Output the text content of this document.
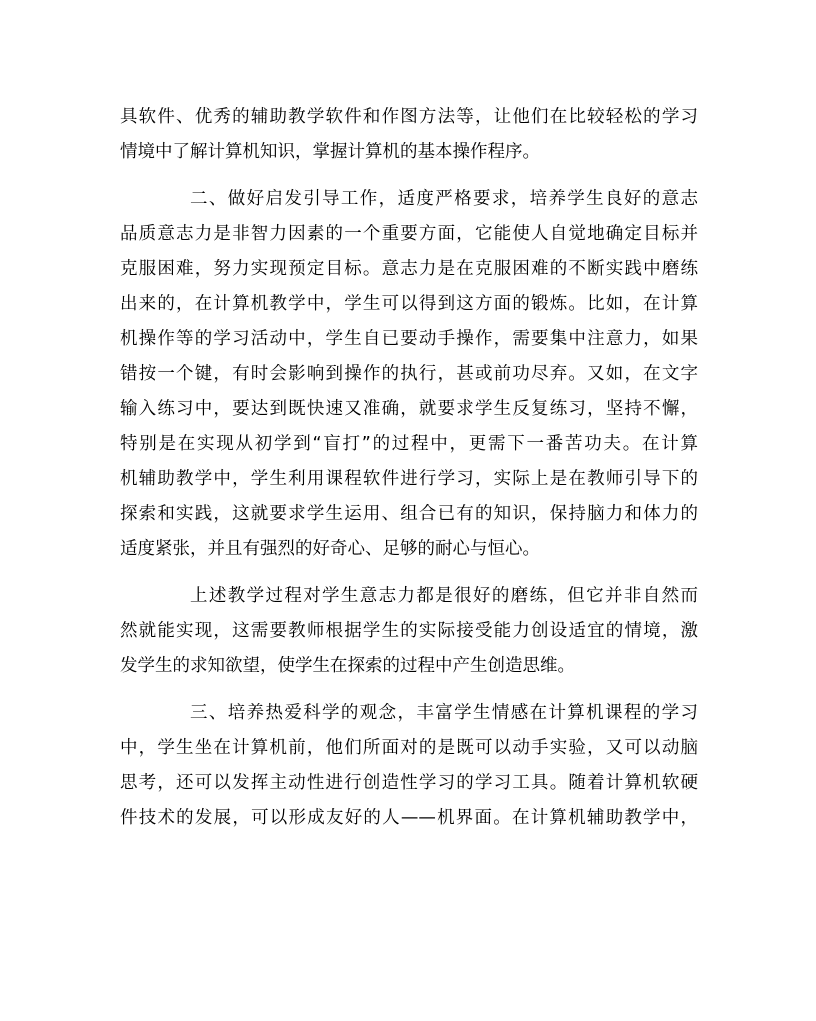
具软件、优秀的辅助教学软件和作图方法等，让他们在比较轻松的学习
情境中了解计算机知识，掌握计算机的基本操作程序。
二、做好启发引导工作，适度严格要求，培养学生良好的意志
品质意志力是非智力因素的一个重要方面，它能使人自觉地确定目标并
克服困难，努力实现预定目标。意志力是在克服困难的不断实践中磨练
出来的，在计算机教学中，学生可以得到这方面的锻炼。比如，在计算
机操作等的学习活动中，学生自已要动手操作，需要集中注意力，如果
错按一个键，有时会影响到操作的执行，甚或前功尽弃。又如，在文字
输入练习中，要达到既快速又准确，就要求学生反复练习，坚持不懈，
特别是在实现从初学到“盲打”的过程中，更需下一番苦功夫。在计算
机辅助教学中，学生利用课程软件进行学习，实际上是在教师引导下的
探索和实践，这就要求学生运用、组合已有的知识，保持脑力和体力的
适度紧张，并且有强烈的好奇心、足够的耐心与恒心。
上述教学过程对学生意志力都是很好的磨练，但它并非自然而
然就能实现，这需要教师根据学生的实际接受能力创设适宜的情境，激
发学生的求知欲望，使学生在探索的过程中产生创造思维。
三、培养热爱科学的观念，丰富学生情感在计算机课程的学习
中，学生坐在计算机前，他们所面对的是既可以动手实验，又可以动脑
思考，还可以发挥主动性进行创造性学习的学习工具。随着计算机软硬
件技术的发展，可以形成友好的人——机界面。在计算机辅助教学中，
